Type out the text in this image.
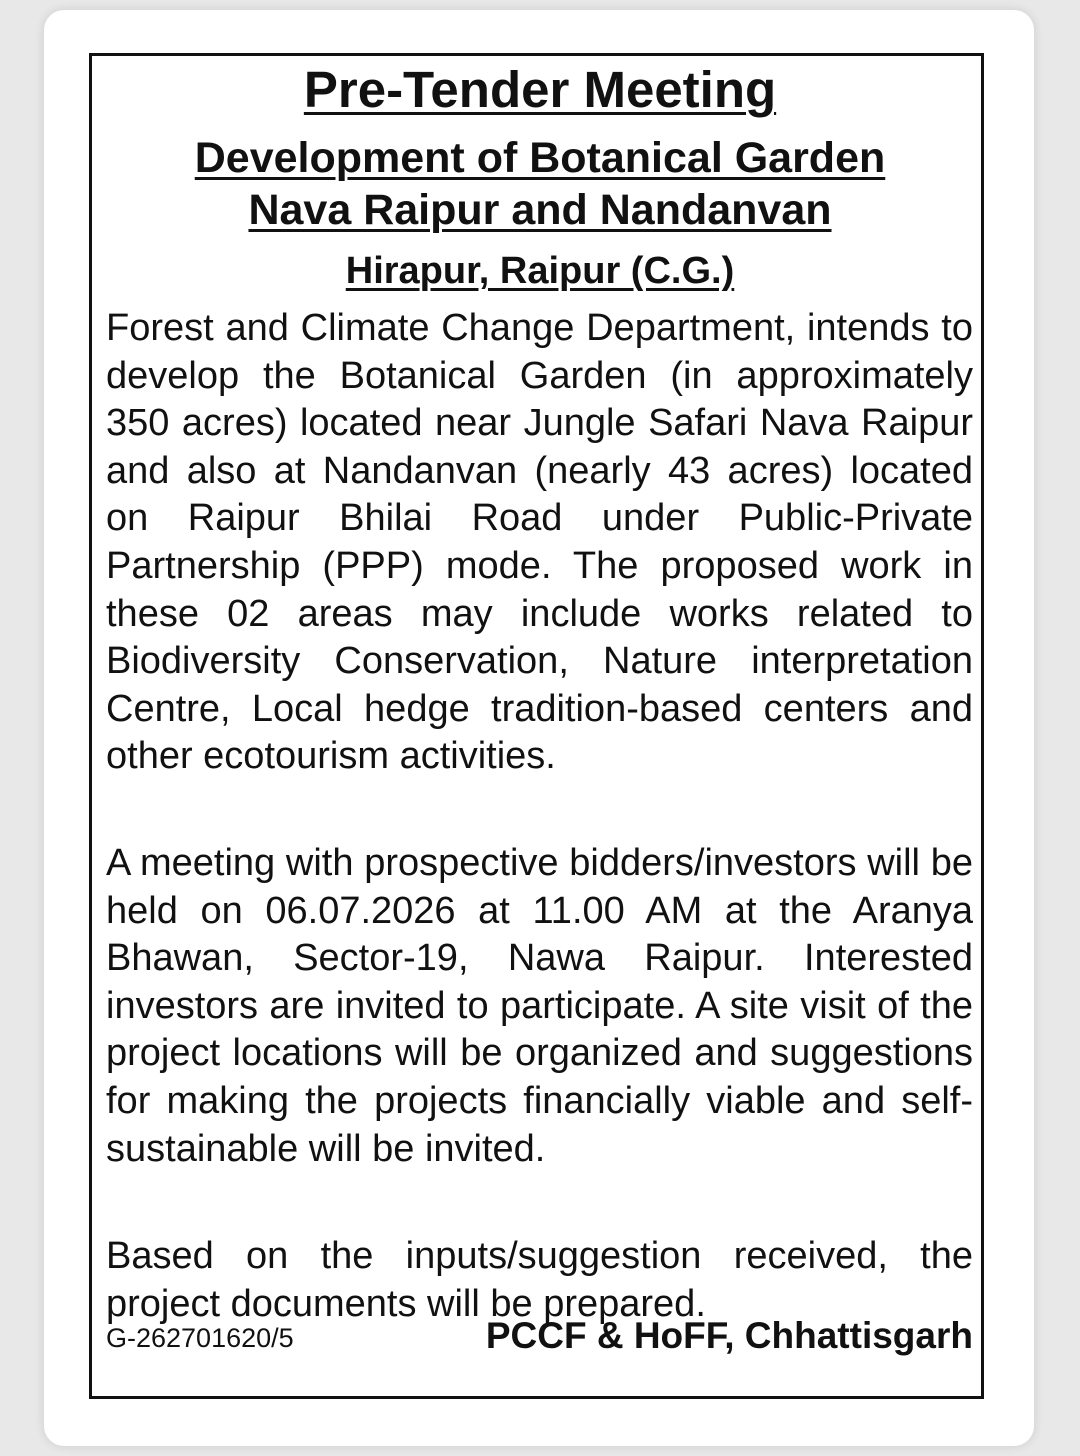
Pre-Tender Meeting
Development of Botanical Garden
Nava Raipur and Nandanvan
Hirapur, Raipur (C.G.)

Forest and Climate Change Department, intends to develop the Botanical Garden (in approximately 350 acres) located near Jungle Safari Nava Raipur and also at Nandanvan (nearly 43 acres) located on Raipur Bhilai Road under Public-Private Partnership (PPP) mode. The proposed work in these 02 areas may include works related to Biodiversity Conservation, Nature interpretation Centre, Local hedge tradition-based centers and other ecotourism activities.

A meeting with prospective bidders/investors will be held on 06.07.2026 at 11.00 AM at the Aranya Bhawan, Sector-19, Nawa Raipur. Interested investors are invited to participate. A site visit of the project locations will be organized and suggestions for making the projects financially viable and self-sustainable will be invited.

Based on the inputs/suggestion received, the project documents will be prepared.

G-262701620/5	PCCF & HoFF, Chhattisgarh
